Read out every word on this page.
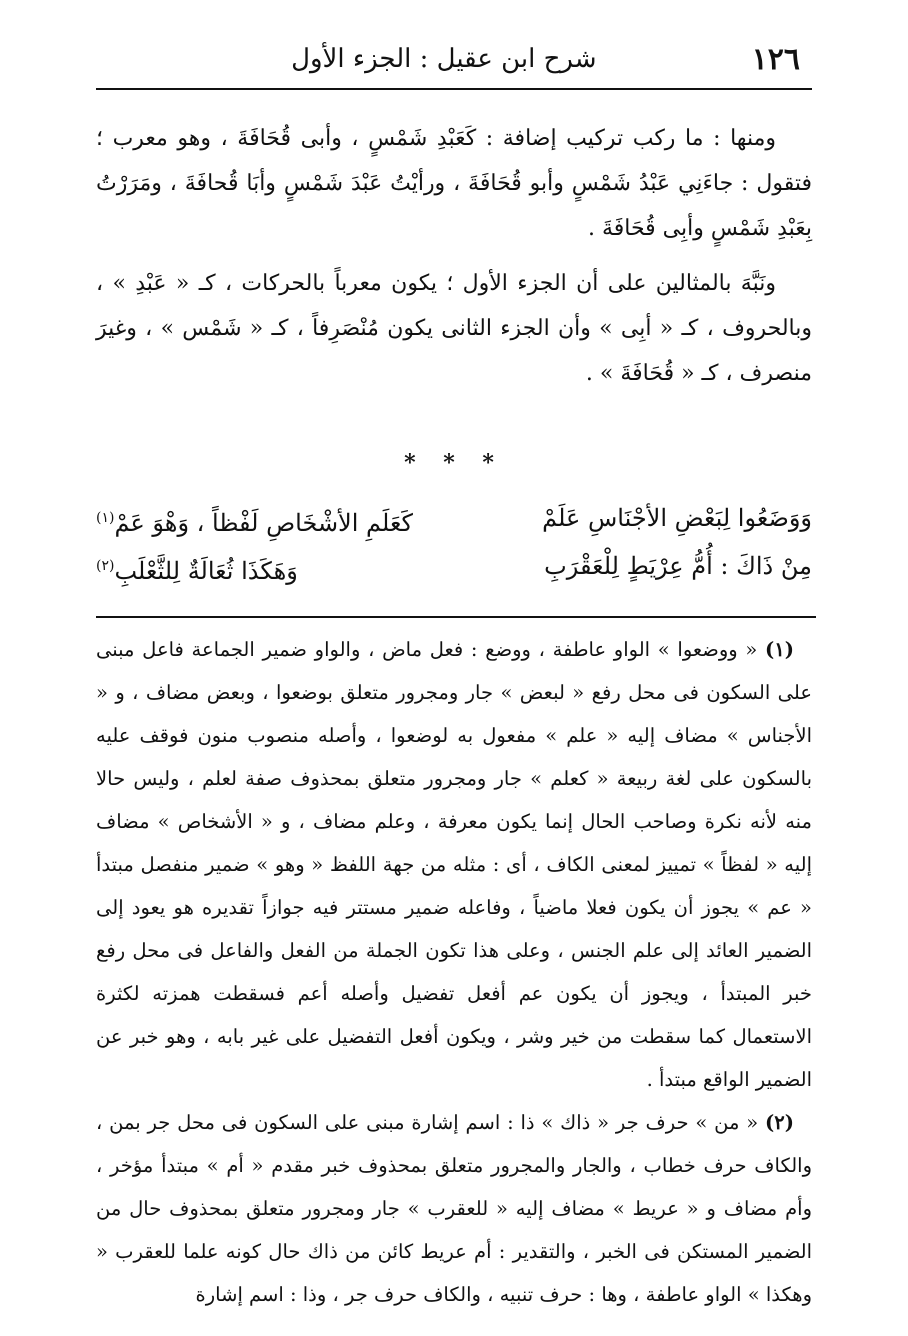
١٢٦
شرح ابن عقيل : الجزء الأول

ومنها : ما ركب تركيب إضافة : كَعَبْدِ شَمْسٍ ، وأبى قُحَافَةَ ، وهو معرب ؛ فتقول : جاءَنِي عَبْدُ شَمْسٍ وأبو قُحَافَةَ ، ورأيْتُ عَبْدَ شَمْسٍ وأبَا قُحافَةَ ، ومَرَرْتُ بِعَبْدِ شَمْسٍ وأبِى قُحَافَةَ .

ونَبَّهَ بالمثالين على أن الجزء الأول ؛ يكون معرباً بالحركات ، كـ « عَبْدِ » ، وبالحروف ، كـ « أبِى » وأن الجزء الثانى يكون مُنْصَرِفاً ، كـ « شَمْس » ، وغيرَ منصرف ، كـ « قُحَافَةَ » .

* * *
وَوَضَعُوا لِبَعْضِ الأجْنَاسِ عَلَمْ
كَعَلَمِ الأشْخَاصِ لَفْظاً ، وَهْوَ عَمْ$^{(١)}$
مِنْ ذَاكَ : أُمُّ عِرْيَطٍ لِلْعَقْرَبِ
وَهَكَذَا ثُعَالَةٌ لِلثَّعْلَبِ$^{(٢)}$

(١) « ووضعوا » الواو عاطفة ، ووضع : فعل ماض ، والواو ضمير الجماعة فاعل مبنى على السكون فى محل رفع « لبعض » جار ومجرور متعلق بوضعوا ، وبعض مضاف ، و « الأجناس » مضاف إليه « علم » مفعول به لوضعوا ، وأصله منصوب منون فوقف عليه بالسكون على لغة ربيعة « كعلم » جار ومجرور متعلق بمحذوف صفة لعلم ، وليس حالا منه لأنه نكرة وصاحب الحال إنما يكون معرفة ، وعلم مضاف ، و « الأشخاص » مضاف إليه « لفظاً » تمييز لمعنى الكاف ، أى : مثله من جهة اللفظ « وهو » ضمير منفصل مبتدأ « عم » يجوز أن يكون فعلا ماضياً ، وفاعله ضمير مستتر فيه جوازاً تقديره هو يعود إلى الضمير العائد إلى علم الجنس ، وعلى هذا تكون الجملة من الفعل والفاعل فى محل رفع خبر المبتدأ ، ويجوز أن يكون عم أفعل تفضيل وأصله أعم فسقطت همزته لكثرة الاستعمال كما سقطت من خير وشر ، ويكون أفعل التفضيل على غير بابه ، وهو خبر عن الضمير الواقع مبتدأ .

(٢) « من » حرف جر « ذاك » ذا : اسم إشارة مبنى على السكون فى محل جر بمن ، والكاف حرف خطاب ، والجار والمجرور متعلق بمحذوف خبر مقدم « أم » مبتدأ مؤخر ، وأم مضاف و « عريط » مضاف إليه « للعقرب » جار ومجرور متعلق بمحذوف حال من الضمير المستكن فى الخبر ، والتقدير : أم عريط كائن من ذاك حال كونه علما للعقرب « وهكذا » الواو عاطفة ، وها : حرف تنبيه ، والكاف حرف جر ، وذا : اسم إشارة
